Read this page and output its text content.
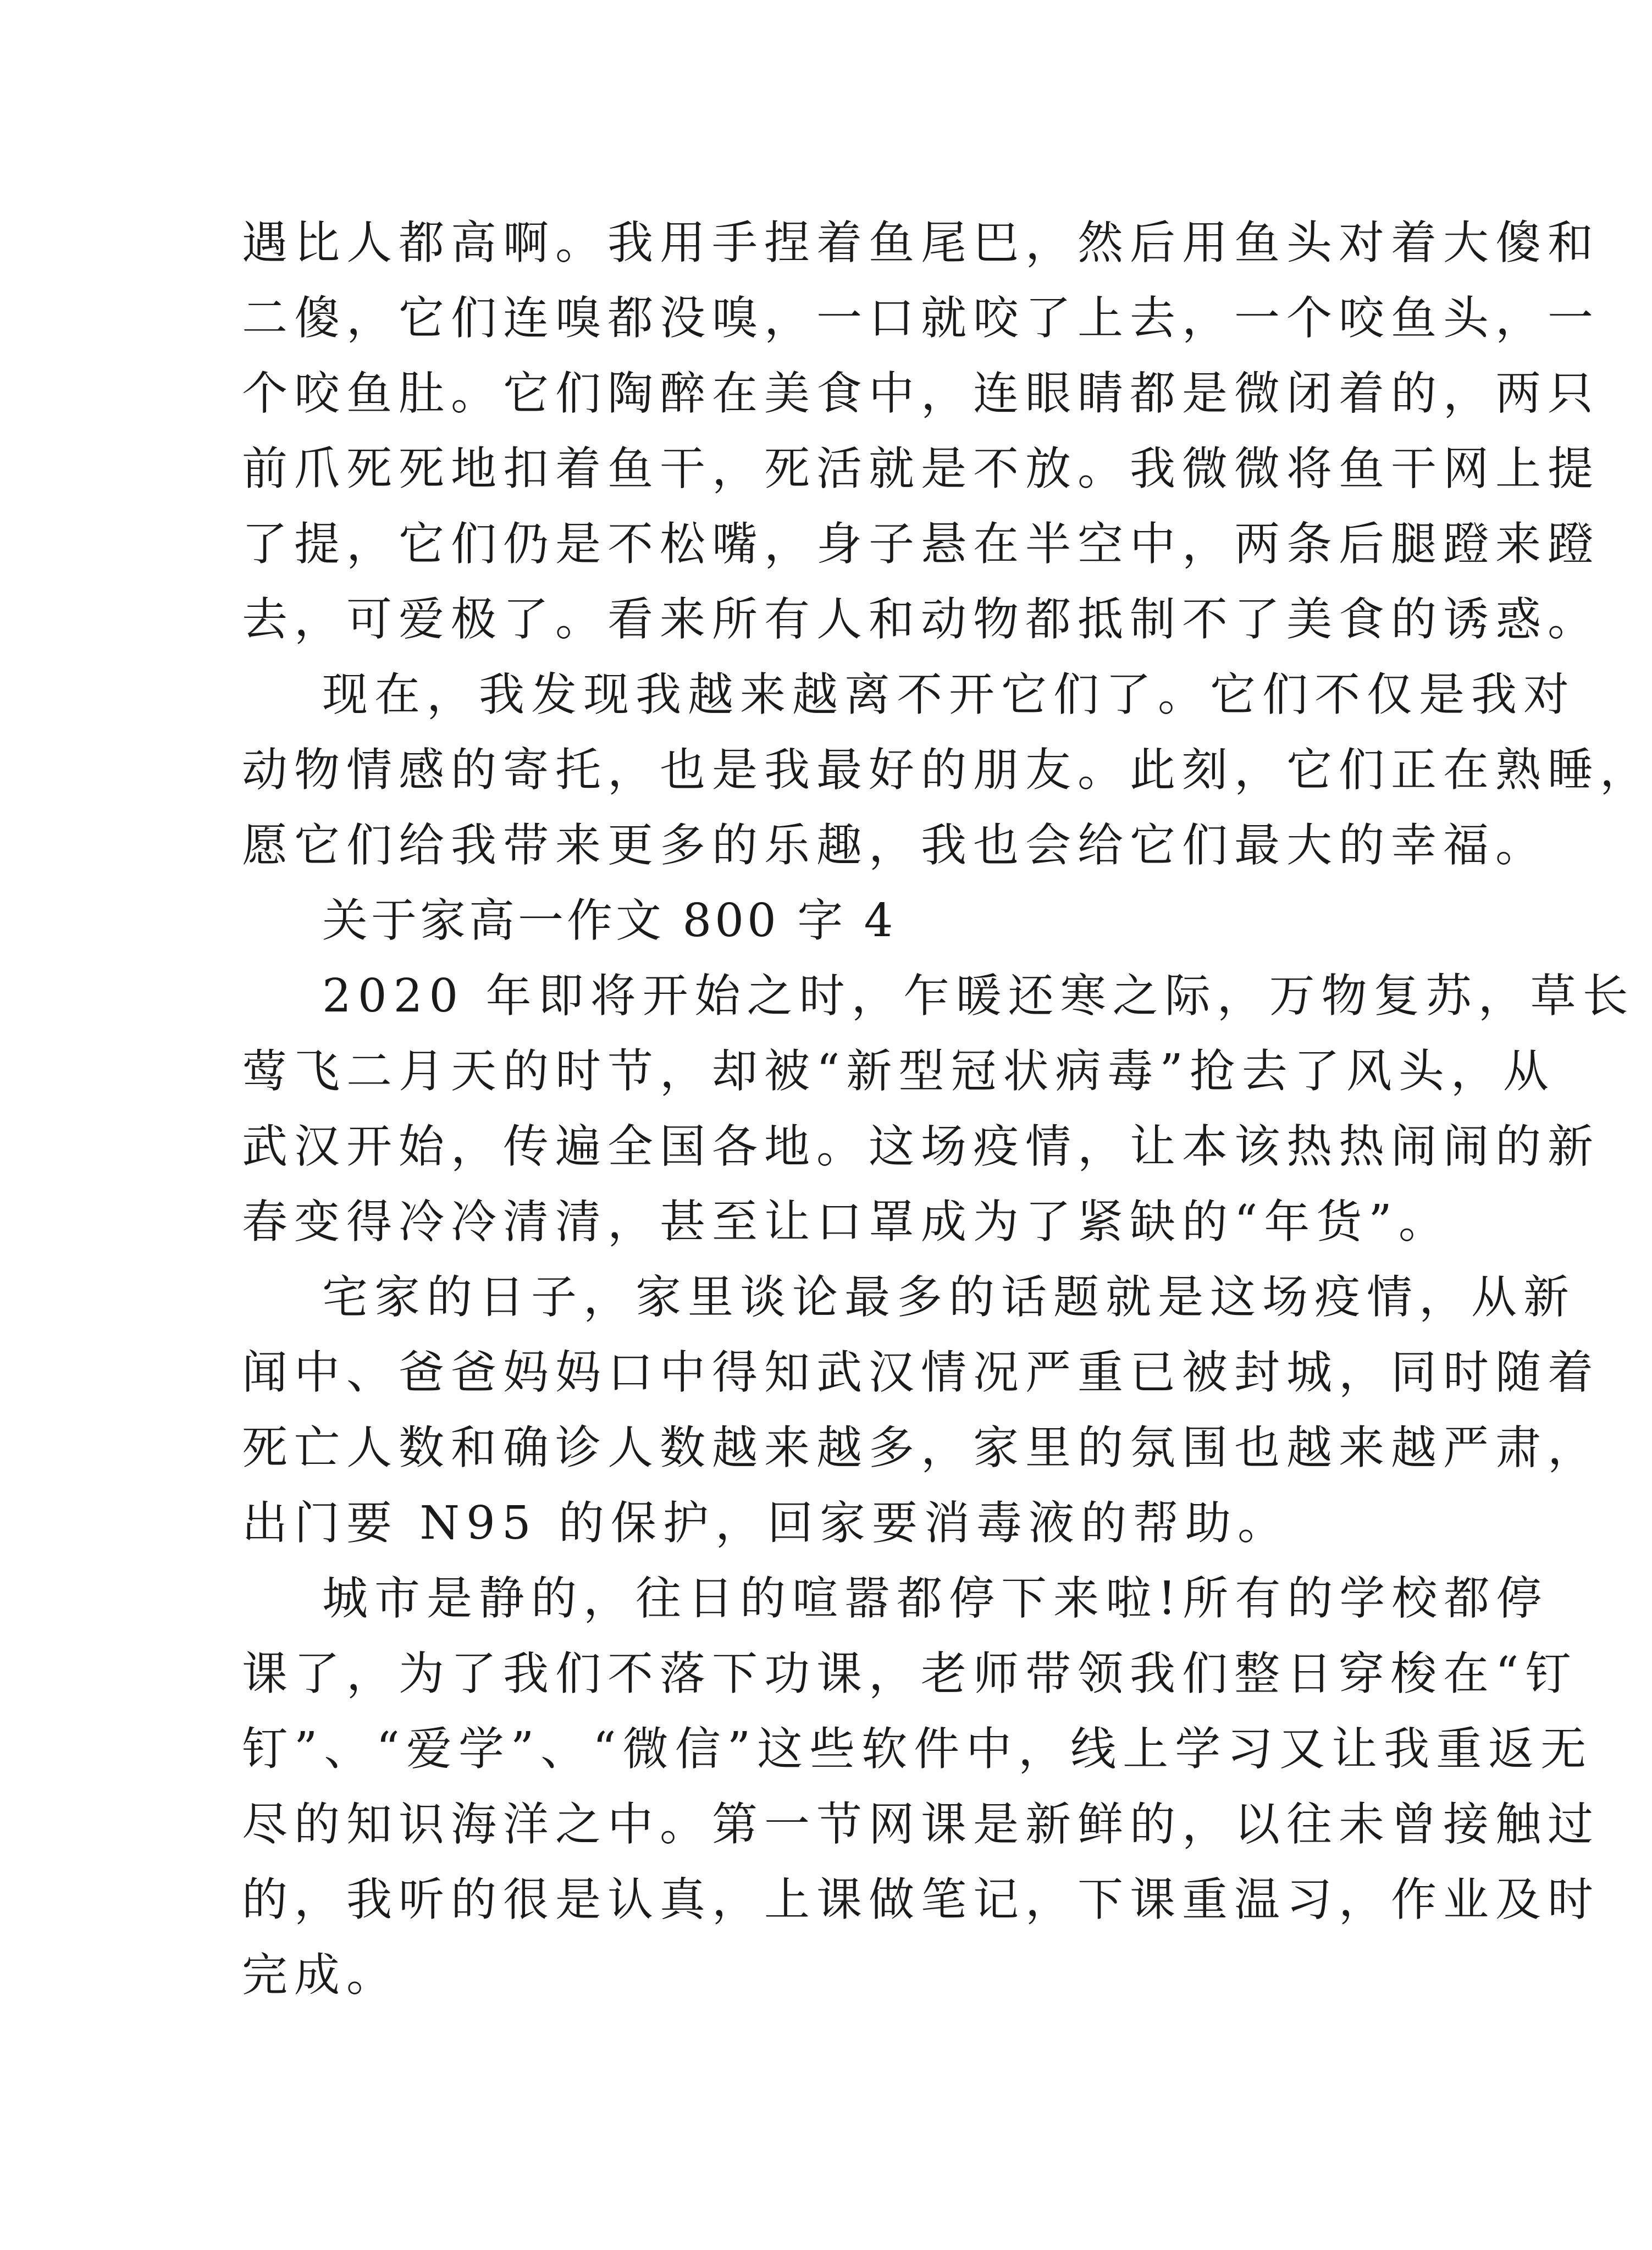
遇比人都高啊。我用手捏着鱼尾巴，然后用鱼头对着大傻和
二傻，它们连嗅都没嗅，一口就咬了上去，一个咬鱼头，一
个咬鱼肚。它们陶醉在美食中，连眼睛都是微闭着的，两只
前爪死死地扣着鱼干，死活就是不放。我微微将鱼干网上提
了提，它们仍是不松嘴，身子悬在半空中，两条后腿蹬来蹬
去，可爱极了。看来所有人和动物都抵制不了美食的诱惑。
现在，我发现我越来越离不开它们了。它们不仅是我对
动物情感的寄托，也是我最好的朋友。此刻，它们正在熟睡，
愿它们给我带来更多的乐趣，我也会给它们最大的幸福。
关于家高一作文 800 字 4
2020 年即将开始之时，乍暖还寒之际，万物复苏，草长
莺飞二月天的时节，却被“新型冠状病毒”抢去了风头，从
武汉开始，传遍全国各地。这场疫情，让本该热热闹闹的新
春变得冷冷清清，甚至让口罩成为了紧缺的“年货”。
宅家的日子，家里谈论最多的话题就是这场疫情，从新
闻中、爸爸妈妈口中得知武汉情况严重已被封城，同时随着
死亡人数和确诊人数越来越多，家里的氛围也越来越严肃，
出门要 N95 的保护，回家要消毒液的帮助。
城市是静的，往日的喧嚣都停下来啦!所有的学校都停
课了，为了我们不落下功课，老师带领我们整日穿梭在“钉
钉”、“爱学”、“微信”这些软件中，线上学习又让我重返无
尽的知识海洋之中。第一节网课是新鲜的，以往未曾接触过
的，我听的很是认真，上课做笔记，下课重温习，作业及时
完成。
